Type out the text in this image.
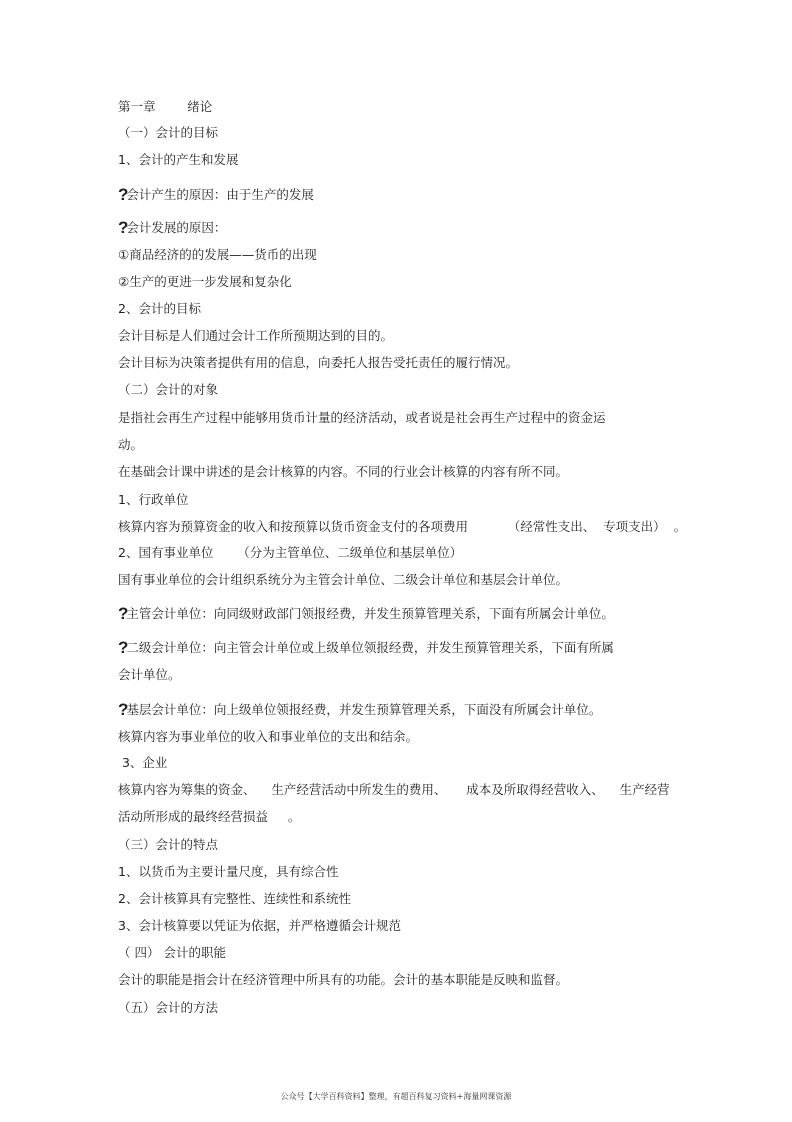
第一章        绪论
（一）会计的目标
1、会计的产生和发展
?会计产生的原因：由于生产的发展
?会计发展的原因：
①商品经济的的发展——货币的出现
②生产的更进一步发展和复杂化
2、会计的目标
会计目标是人们通过会计工作所预期达到的目的。
会计目标为决策者提供有用的信息，向委托人报告受托责任的履行情况。
（二）会计的对象
是指社会再生产过程中能够用货币计量的经济活动，或者说是社会再生产过程中的资金运
动。
在基础会计课中讲述的是会计核算的内容。不同的行业会计核算的内容有所不同。
1、行政单位
核算内容为预算资金的收入和按预算以货币资金支付的各项费用          （经常性支出、  专项支出）  。
2、国有事业单位      （分为主管单位、二级单位和基层单位）
国有事业单位的会计组织系统分为主管会计单位、二级会计单位和基层会计单位。
?主管会计单位：向同级财政部门领报经费，并发生预算管理关系，下面有所属会计单位。
?二级会计单位：向主管会计单位或上级单位领报经费，并发生预算管理关系，下面有所属
会计单位。
?基层会计单位：向上级单位领报经费，并发生预算管理关系，下面没有所属会计单位。
核算内容为事业单位的收入和事业单位的支出和结余。
3、企业
核算内容为筹集的资金、    生产经营活动中所发生的费用、     成本及所取得经营收入、    生产经营
活动所形成的最终经营损益     。
（三）会计的特点
1、以货币为主要计量尺度，具有综合性
2、会计核算具有完整性、连续性和系统性
3、会计核算要以凭证为依据，并严格遵循会计规范
（ 四） 会计的职能
会计的职能是指会计在经济管理中所具有的功能。会计的基本职能是反映和监督。
（五）会计的方法
公众号【大学百科资料】整理，有超百科复习资料+海量网课资源
